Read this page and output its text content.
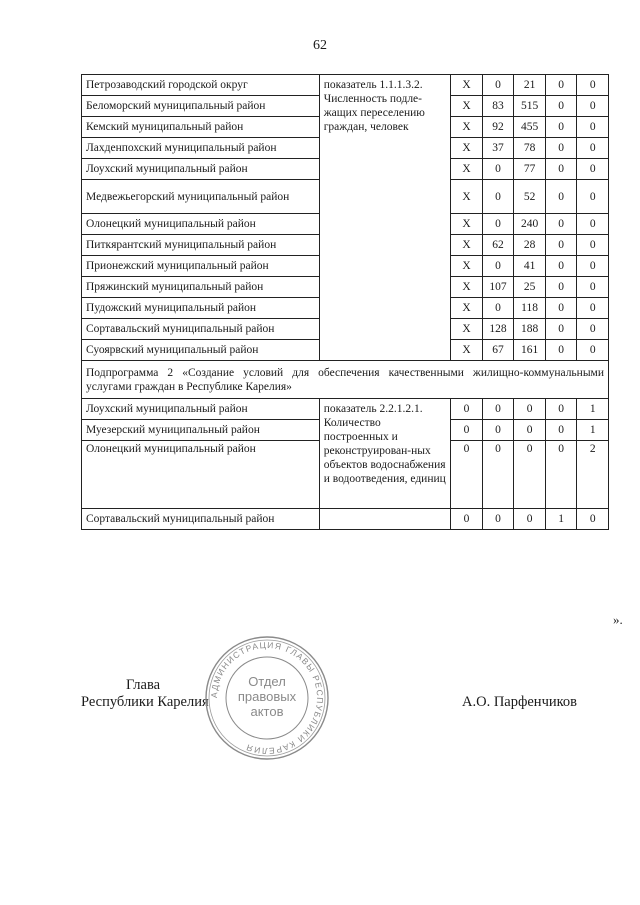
62
Петрозаводский городской округ	показатель 1.1.1.3.2. Численность подле-жащих переселению граждан, человек	Х	0	21	0	0
Беломорский муниципальный район		Х	83	515	0	0
Кемский муниципальный район		Х	92	455	0	0
Лахденпохский муниципальный район		Х	37	78	0	0
Лоухский муниципальный район		Х	0	77	0	0
Медвежьегорский муниципальный район		Х	0	52	0	0
Олонецкий муниципальный район		Х	0	240	0	0
Питкярантский муниципальный район		Х	62	28	0	0
Прионежский муниципальный район		Х	0	41	0	0
Пряжинский муниципальный район		Х	107	25	0	0
Пудожский муниципальный район		Х	0	118	0	0
Сортавальский муниципальный район		Х	128	188	0	0
Суоярвский муниципальный район		Х	67	161	0	0
Подпрограмма 2 «Создание условий для обеспечения качественными жилищно-коммунальными услугами граждан в Республике Карелия»						
Лоухский муниципальный район	показатель 2.2.1.2.1. Количество построенных и реконструирован-ных объектов водоснабжения и водоотведения, единиц	0	0	0	0	1
Муезерский муниципальный район		0	0	0	0	1
Олонецкий муниципальный район		0	0	0	0	2
Сортавальский муниципальный район		0	0	0	1	0
».
Глава
Республики Карелия	А.О. Парфенчиков
АДМИНИСТРАЦИЯ ГЛАВЫ РЕСПУБЛИКИ КАРЕЛИЯ
Отдел
правовых
актов
